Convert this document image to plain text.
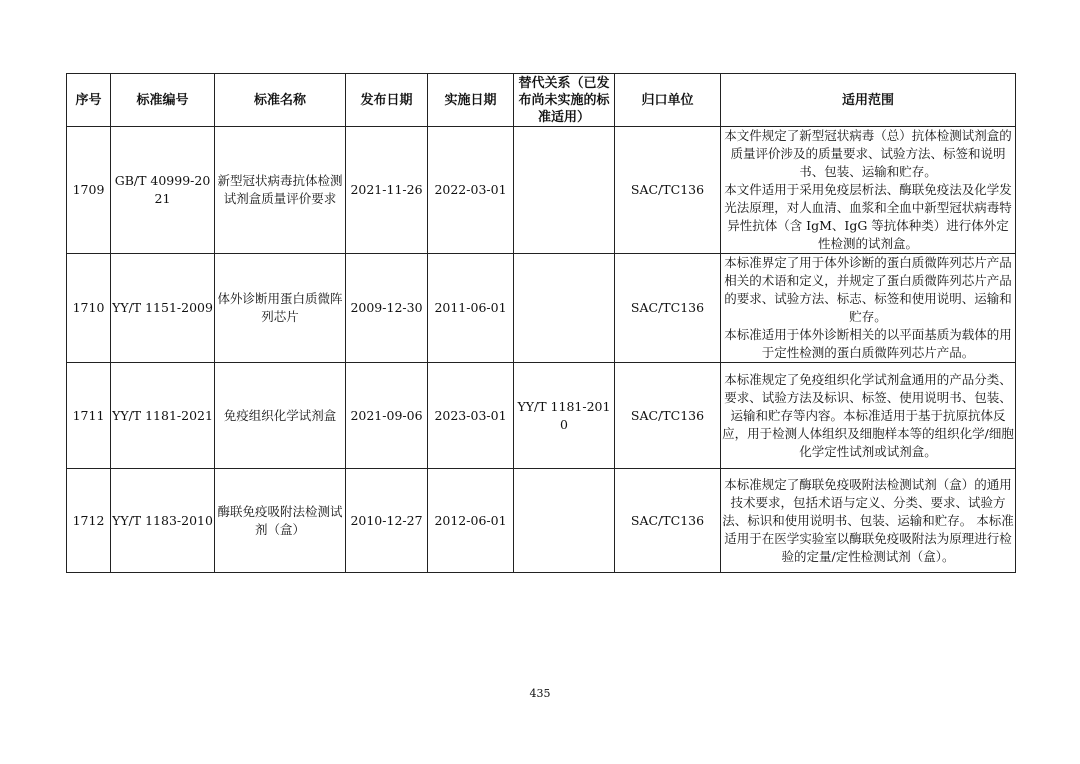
序号	标准编号	标准名称	发布日期	实施日期	替代关系（已发布尚未实施的标准适用）	归口单位	适用范围
1709	GB/T 40999-2021	新型冠状病毒抗体检测试剂盒质量评价要求	2021-11-26	2022-03-01		SAC/TC136	本文件规定了新型冠状病毒（总）抗体检测试剂盒的质量评价涉及的质量要求、试验方法、标签和说明书、包装、运输和贮存。
本文件适用于采用免疫层析法、酶联免疫法及化学发光法原理，对人血清、血浆和全血中新型冠状病毒特异性抗体（含 IgM、IgG 等抗体种类）进行体外定性检测的试剂盒。

1710	YY/T 1151-2009	体外诊断用蛋白质微阵列芯片	2009-12-30	2011-06-01		SAC/TC136	本标准界定了用于体外诊断的蛋白质微阵列芯片产品相关的术语和定义，并规定了蛋白质微阵列芯片产品的要求、试验方法、标志、标签和使用说明、运输和贮存。
本标准适用于体外诊断相关的以平面基质为载体的用于定性检测的蛋白质微阵列芯片产品。

1711	YY/T 1181-2021	免疫组织化学试剂盒	2021-09-06	2023-03-01	YY/T 1181-2010	SAC/TC136	本标准规定了免疫组织化学试剂盒通用的产品分类、要求、试验方法及标识、标签、使用说明书、包装、运输和贮存等内容。本标准适用于基于抗原抗体反应，用于检测人体组织及细胞样本等的组织化学/细胞化学定性试剂或试剂盒。

1712	YY/T 1183-2010	酶联免疫吸附法检测试剂（盒）	2010-12-27	2012-06-01		SAC/TC136	本标准规定了酶联免疫吸附法检测试剂（盒）的通用技术要求，包括术语与定义、分类、要求、试验方法、标识和使用说明书、包装、运输和贮存。 本标准适用于在医学实验室以酶联免疫吸附法为原理进行检验的定量/定性检测试剂（盒）。
435
